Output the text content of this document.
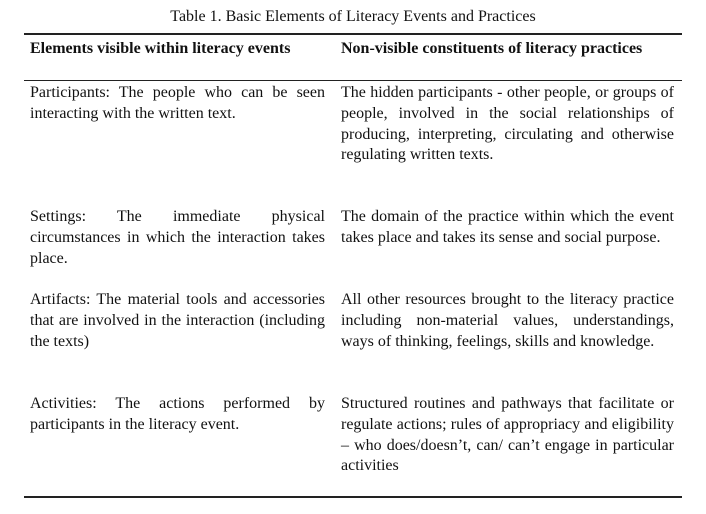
Table 1. Basic Elements of Literacy Events and Practices
Elements visible within literacy events	Non-visible constituents of literacy practices
Participants: The people who can be seen interacting with the written text.
The hidden participants - other people, or groups of people, involved in the social relationships of producing, interpreting, circulating and otherwise regulating written texts.
Settings: The immediate physical circumstances in which the interaction takes place.
The domain of the practice within which the event takes place and takes its sense and social purpose.
Artifacts: The material tools and accessories that are involved in the interaction (including the texts)
All other resources brought to the literacy practice including non-material values, understandings, ways of thinking, feelings, skills and knowledge.
Activities: The actions performed by participants in the literacy event.
Structured routines and pathways that facilitate or regulate actions; rules of appropriacy and eligibility – who does/doesn’t, can/ can’t engage in particular activities
